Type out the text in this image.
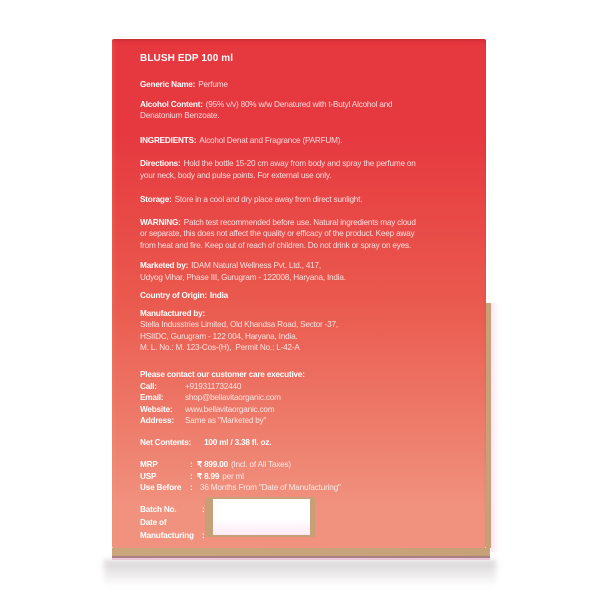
BLUSH EDP 100 ml

Generic Name: Perfume

Alcohol Content: (95% v/v) 80% w/w Denatured with t-Butyl Alcohol and

Denatonium Benzoate.

INGREDIENTS: Alcohol Denat and Fragrance (PARFUM).

Directions: Hold the bottle 15-20 cm away from body and spray the perfume on

your neck, body and pulse points. For external use only.

Storage: Store in a cool and dry place away from direct sunlight.

WARNING: Patch test recommended before use. Natural ingredients may cloud

or separate, this does not affect the quality or efficacy of the product. Keep away

from heat and fire. Keep out of reach of children. Do not drink or spray on eyes.

Marketed by: IDAM Natural Wellness Pvt. Ltd., 417,

Udyog Vihar, Phase III, Gurugram - 122008, Haryana, India.

Country of Origin: India

Manufactured by:

Stella Indusstries Limited, Old Khandsa Road, Sector -37,

HSIIDC, Gurugram - 122 004, Haryana, India.

M. L. No.: M. 123-Cos-(H),  Permit No.: L-42-A

Please contact our customer care executive:

Call:	+919311732440

Email:	shop@bellavitaorganic.com

Website: www.bellavitaorganic.com

Address: Same as "Marketed by"

Net Contents: 100 ml / 3.38 fl. oz.

MRP	: ₹ 899.00 (Incl. of All Taxes)

USP	: ₹ 8.99 per ml

Use Before : 36 Months From "Date of Manufacturing"

Batch No.	:

Date of

Manufacturing :
